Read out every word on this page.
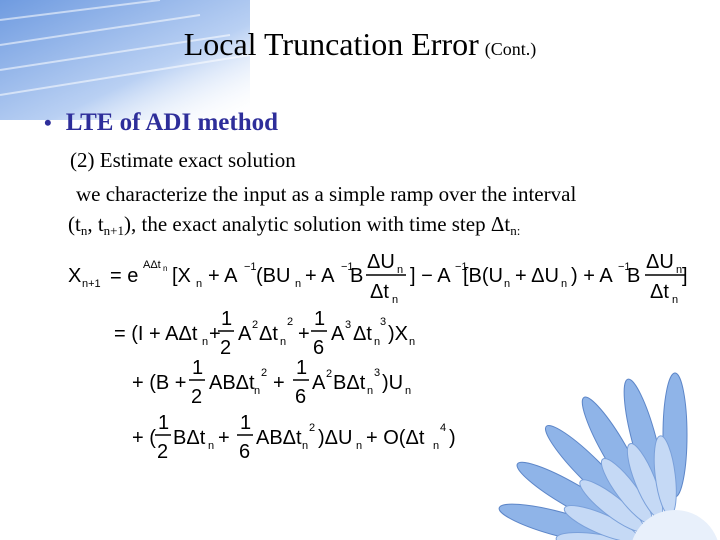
Local Truncation Error (Cont.)
• LTE of ADI method
(2) Estimate exact solution
we characterize the input as a simple ramp over the interval
($t_n$, $t_{n+1}$), the exact analytic solution with time step $\Delta t_{n:}$
X n+1 = e AΔt n [X n + A −1 (BU n + A −1
B
ΔU n
Δt n
] − A −1
[B(U n + ΔU n ) + A −1
B
ΔU n
Δt n
]
= (I + AΔt n +
1
2
A 2 Δt n
2
+
1
6
A 3 Δt n
3
)X n
+ (B +
1
2
ABΔt n
2 +
1
6
A 2 BΔt n
3 )U n
+ (
1
2
BΔt n +
1
6
ABΔt n
2 )ΔU n + O(Δt n
4 )
